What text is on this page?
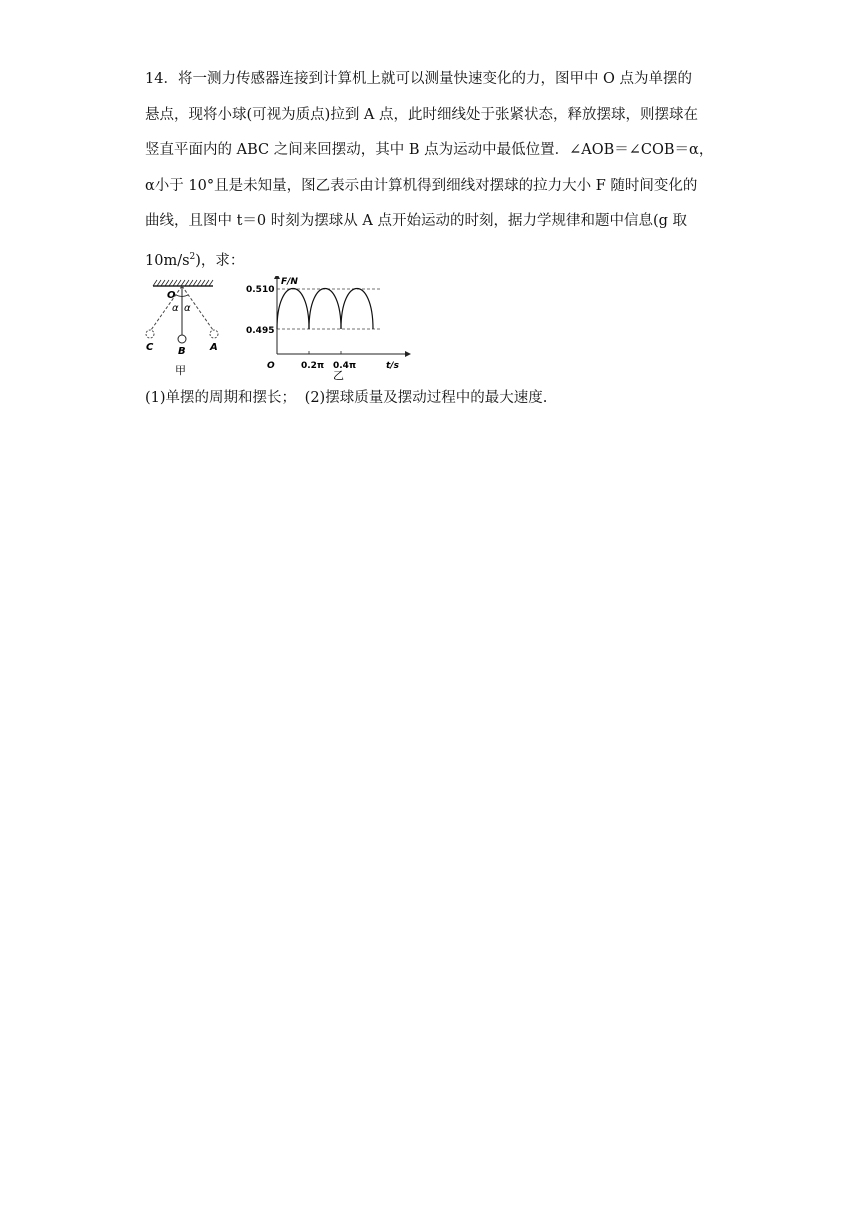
14．将一测力传感器连接到计算机上就可以测量快速变化的力，图甲中 O 点为单摆的
悬点，现将小球(可视为质点)拉到 A 点，此时细线处于张紧状态，释放摆球，则摆球在
竖直平面内的 ABC 之间来回摆动，其中 B 点为运动中最低位置．∠AOB＝∠COB＝α，
α小于 10°且是未知量，图乙表示由计算机得到细线对摆球的拉力大小 F 随时间变化的
曲线，且图中 t＝0 时刻为摆球从 A 点开始运动的时刻，据力学规律和题中信息(g 取
$10m/s^2$)，求：
O
α α
C B A
甲
F/N
t/s
O
0.510
0.495
0.2π 0.4π
乙
(1)单摆的周期和摆长； (2)摆球质量及摆动过程中的最大速度.
